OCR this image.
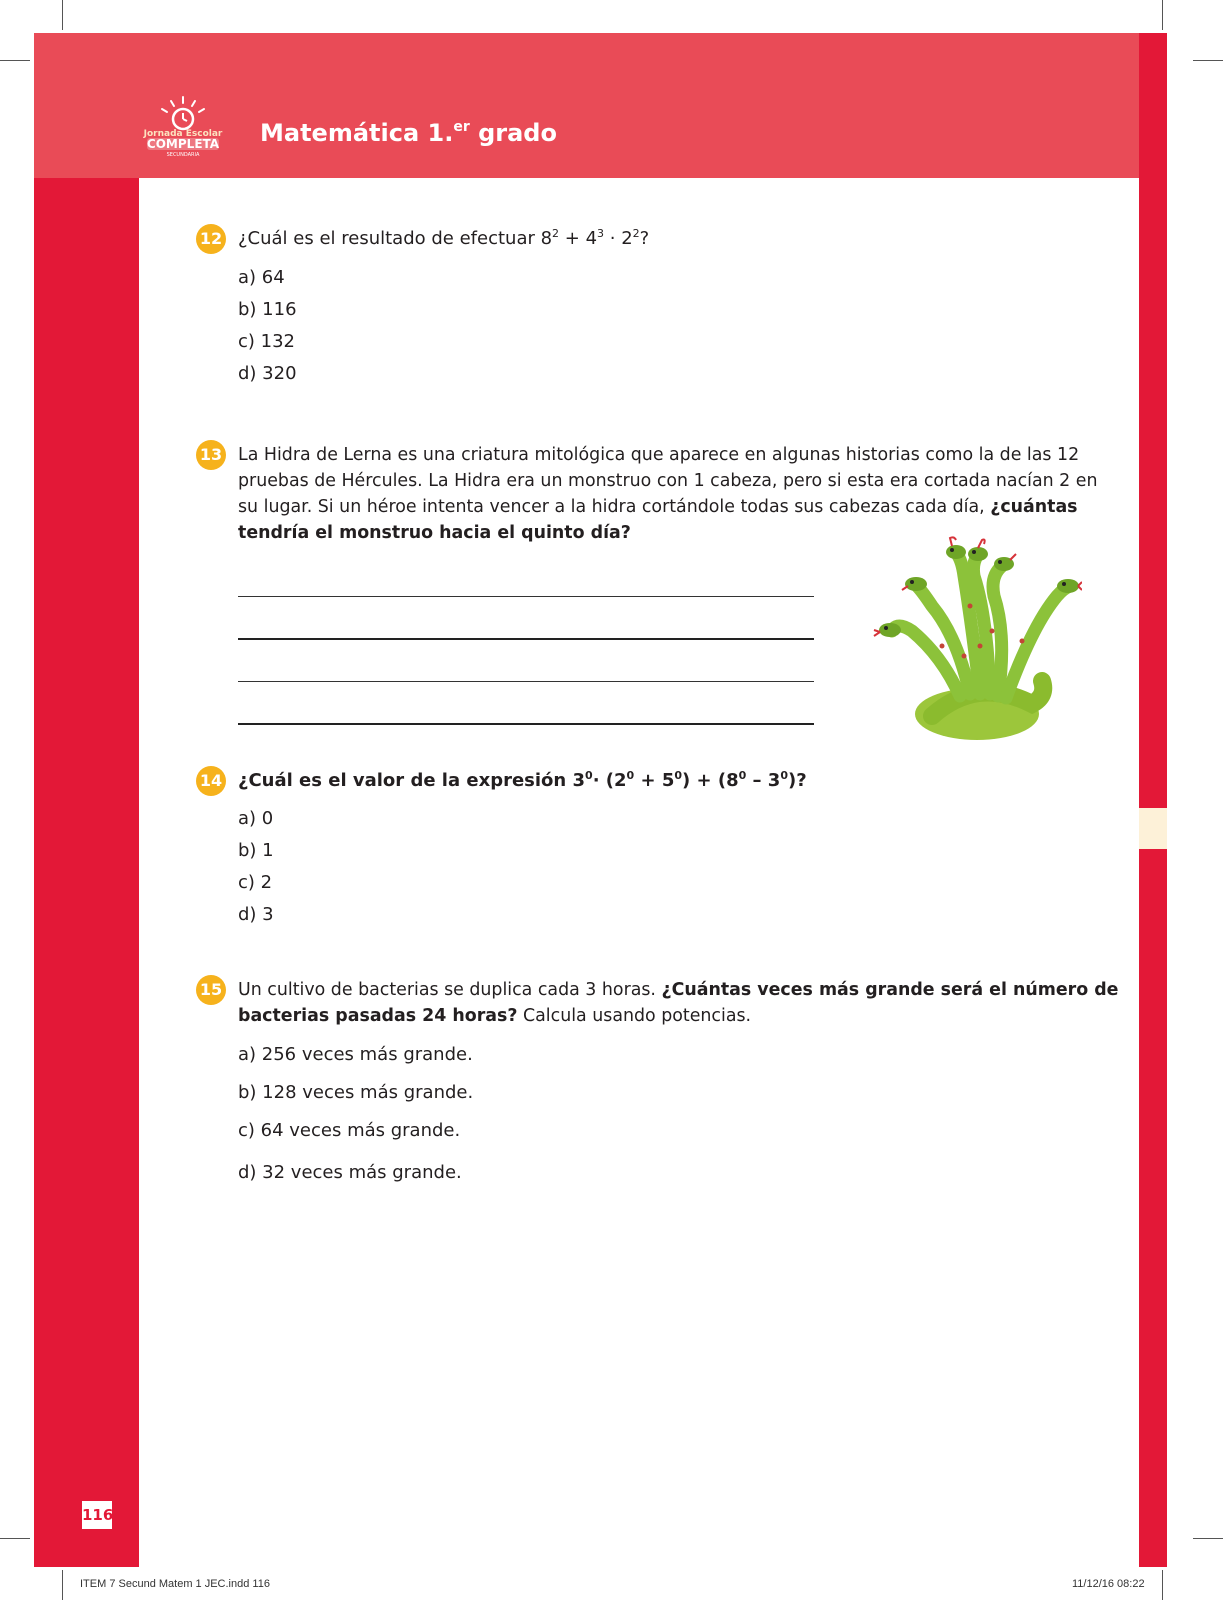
Jornada Escolar
COMPLETA
SECUNDARIA
Matemática 1.$^{er}$ grado
12 ¿Cuál es el resultado de efectuar $8^2 + 4^3 \cdot 2^2$?
a) 64
b) 116
c) 132
d) 320
13 La Hidra de Lerna es una criatura mitológica que aparece en algunas historias como la de las 12
pruebas de Hércules. La Hidra era un monstruo con 1 cabeza, pero si esta era cortada nacían 2 en
su lugar. Si un héroe intenta vencer a la hidra cortándole todas sus cabezas cada día, ¿cuántas
tendría el monstruo hacia el quinto día?
14 ¿Cuál es el valor de la expresión $3^0\cdot (2^0 + 5^0) + (8^0 - 3^0)$?
a) 0
b) 1
c) 2
d) 3
15 Un cultivo de bacterias se duplica cada 3 horas. ¿Cuántas veces más grande será el número de
bacterias pasadas 24 horas? Calcula usando potencias.
a) 256 veces más grande.
b) 128 veces más grande.
c) 64 veces más grande.
d) 32 veces más grande.
116
ITEM 7 Secund Matem 1 JEC.indd 116	11/12/16 08:22
